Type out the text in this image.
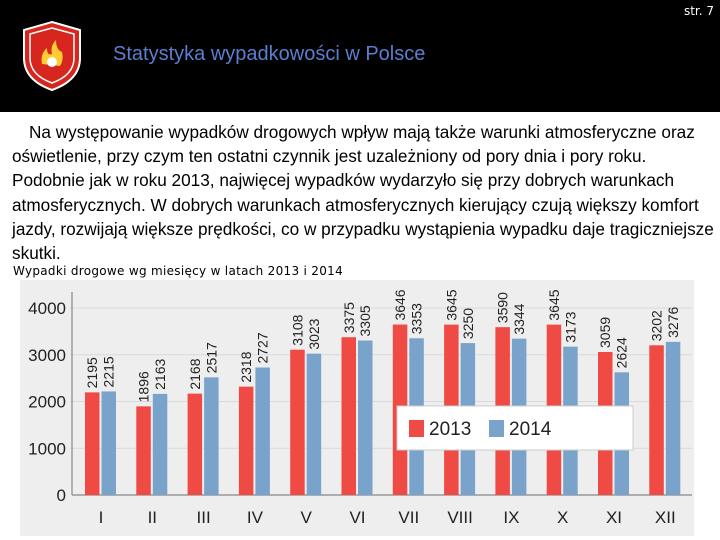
str. 7
Statystyka wypadkowości w Polsce
Na występowanie wypadków drogowych wpływ mają także warunki atmosferyczne oraz oświetlenie, przy czym ten ostatni czynnik jest uzależniony od pory dnia i pory roku. Podobnie jak w roku 2013, najwięcej wypadków wydarzyło się przy dobrych warunkach atmosferycznych. W dobrych warunkach atmosferycznych kierujący czują większy komfort jazdy, rozwijają większe prędkości, co w przypadku wystąpienia wypadku daje tragiczniejsze skutki.
Wypadki drogowe wg miesięcy w latach 2013 i 2014
0
1000
2000
3000
4000
2195 2215
I
1896 2163
II
2168
2517
III
2318
2727
IV
3108 3023
V
3375 3305
VI
3646 3353
VII
3645
3250
VIII
3590 3344
IX
3645
3173
X
3059
2624
XI
3202 3276
XII
2013 2014
